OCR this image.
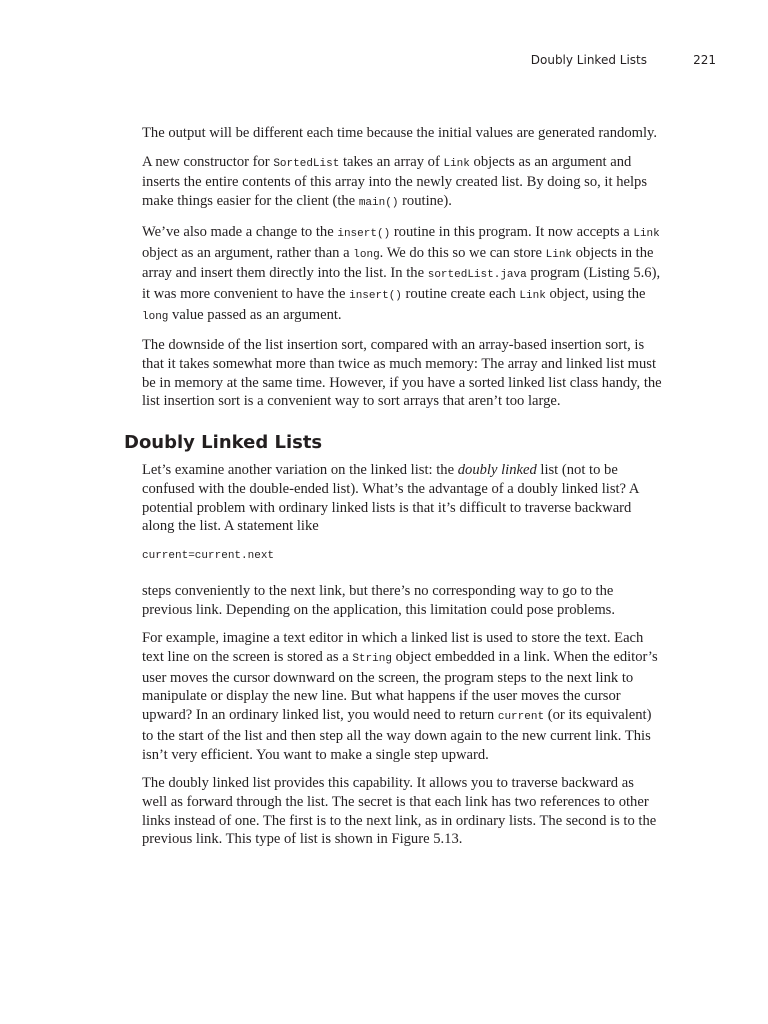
Doubly Linked Lists	221

The output will be different each time because the initial values are generated randomly.

A new constructor for SortedList takes an array of Link objects as an argument and inserts the entire contents of this array into the newly created list. By doing so, it helps make things easier for the client (the main() routine).

We’ve also made a change to the insert() routine in this program. It now accepts a Link object as an argument, rather than a long. We do this so we can store Link objects in the array and insert them directly into the list. In the sortedList.java program (Listing 5.6), it was more convenient to have the insert() routine create each Link object, using the long value passed as an argument.

The downside of the list insertion sort, compared with an array-based insertion sort, is that it takes somewhat more than twice as much memory: The array and linked list must be in memory at the same time. However, if you have a sorted linked list class handy, the list insertion sort is a convenient way to sort arrays that aren’t too large.

Doubly Linked Lists

Let’s examine another variation on the linked list: the doubly linked list (not to be confused with the double-ended list). What’s the advantage of a doubly linked list? A potential problem with ordinary linked lists is that it’s difficult to traverse backward along the list. A statement like

current=current.next

steps conveniently to the next link, but there’s no corresponding way to go to the previous link. Depending on the application, this limitation could pose problems.

For example, imagine a text editor in which a linked list is used to store the text. Each text line on the screen is stored as a String object embedded in a link. When the editor’s user moves the cursor downward on the screen, the program steps to the next link to manipulate or display the new line. But what happens if the user moves the cursor upward? In an ordinary linked list, you would need to return current (or its equivalent) to the start of the list and then step all the way down again to the new current link. This isn’t very efficient. You want to make a single step upward.

The doubly linked list provides this capability. It allows you to traverse backward as well as forward through the list. The secret is that each link has two references to other links instead of one. The first is to the next link, as in ordinary lists. The second is to the previous link. This type of list is shown in Figure 5.13.
